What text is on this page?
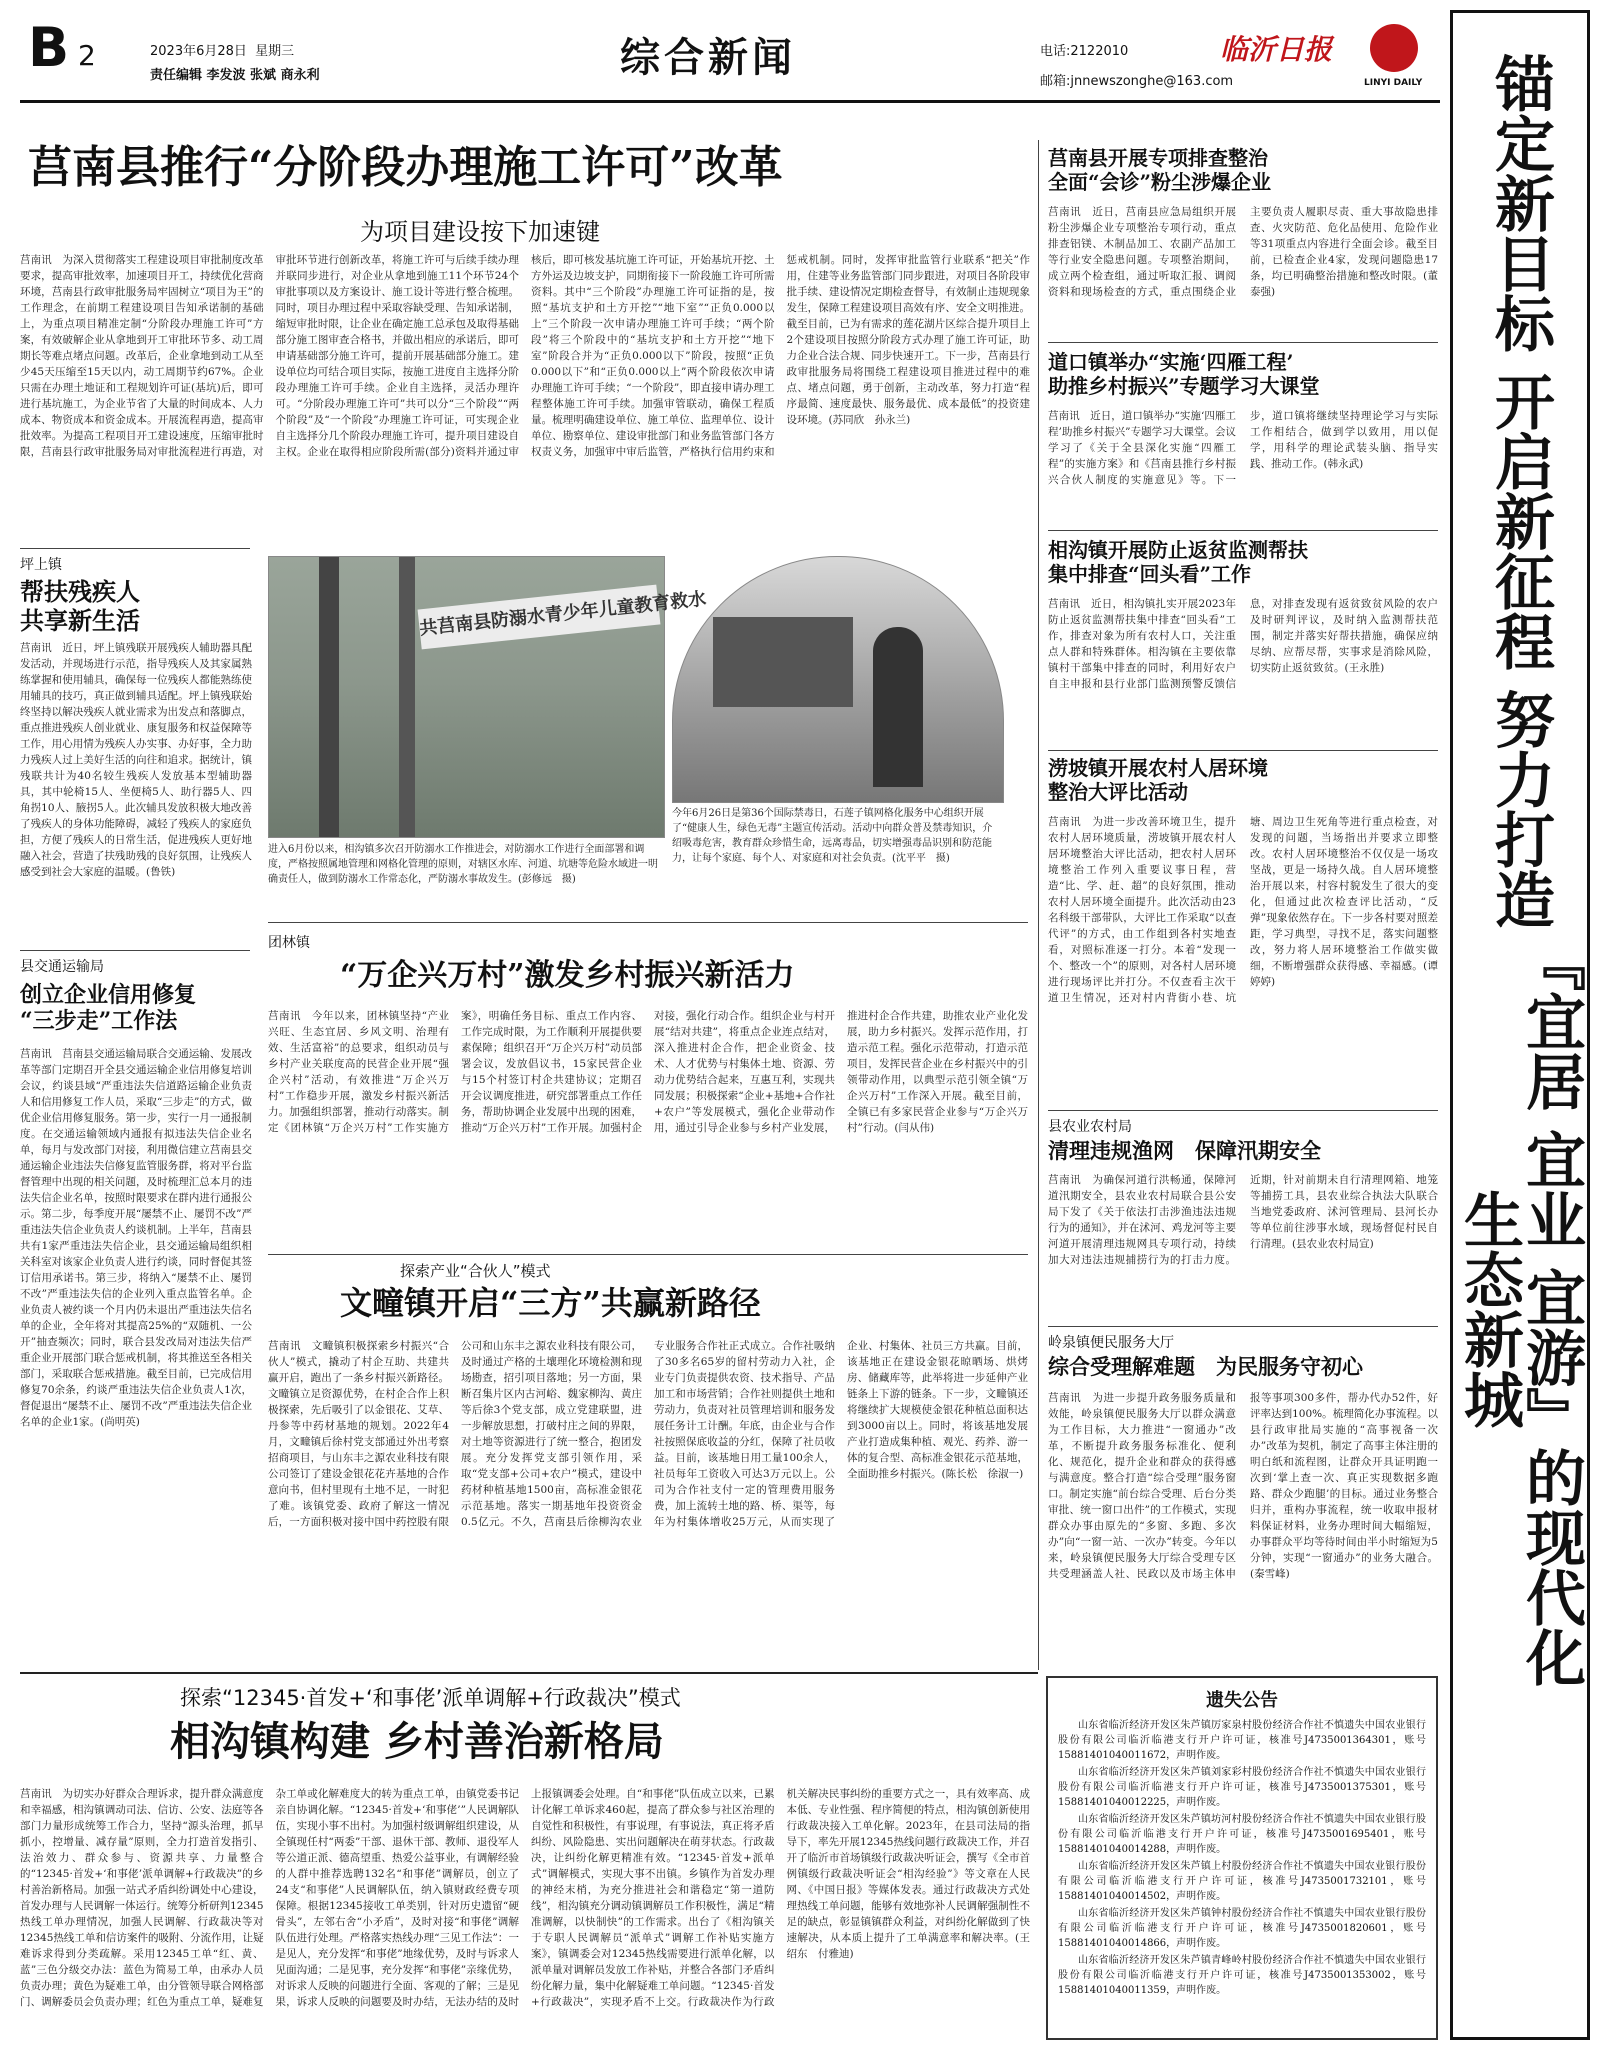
B 2	2023年6月28日 星期三
责任编辑 李发波 张斌 商永利	综合新闻	电话:2122010
邮箱:jnnewszonghe@163.com
临沂日报
LINYI DAILY
莒南县推行“分阶段办理施工许可”改革
为项目建设按下加速键
莒南讯　为深入贯彻落实工程建设项目审批制度改革要求，提高审批效率，加速项目开工，持续优化营商环境，莒南县行政审批服务局牢固树立“项目为王”的工作理念，在前期工程建设项目告知承诺制的基础上，为重点项目精准定制“分阶段办理施工许可”方案，有效破解企业从拿地到开工审批环节多、动工周期长等难点堵点问题。改革后，企业拿地到动工从至少45天压缩至15天以内，动工周期节约67%。企业只需在办理土地证和工程规划许可证(基坑)后，即可进行基坑施工，为企业节省了大量的时间成本、人力成本、物资成本和资金成本。开展流程再造，提高审批效率。为提高工程项目开工建设速度，压缩审批时限，莒南县行政审批服务局对审批流程进行再造，对审批环节进行创新改革，将施工许可与后续手续办理并联同步进行，对企业从拿地到施工11个环节24个审批事项以及方案设计、施工设计等进行整合梳理。同时，项目办理过程中采取容缺受理、告知承诺制，缩短审批时限，让企业在确定施工总承包及取得基础部分施工图审查合格书，并做出相应的承诺后，即可申请基础部分施工许可，提前开展基础部分施工。建设单位均可结合项目实际，按施工进度自主选择分阶段办理施工许可手续。企业自主选择，灵活办理许可。“分阶段办理施工许可”共可以分“三个阶段”“两个阶段”及“一个阶段”办理施工许可证，可实现企业自主选择分几个阶段办理施工许可，提升项目建设自主权。企业在取得相应阶段所需(部分)资料并通过审核后，即可核发基坑施工许可证，开始基坑开挖、土方外运及边坡支护，同期衔接下一阶段施工许可所需资料。其中“三个阶段”办理施工许可证指的是，按照“基坑支护和土方开挖”“地下室”“正负0.000以上”三个阶段一次申请办理施工许可手续；“两个阶段”将三个阶段中的“基坑支护和土方开挖”“地下室”阶段合并为“正负0.000以下”阶段，按照“正负0.000以下”和“正负0.000以上”两个阶段依次申请办理施工许可手续；“一个阶段”，即直接申请办理工程整体施工许可手续。加强审管联动，确保工程质量。梳理明确建设单位、施工单位、监理单位、设计单位、勘察单位、建设审批部门和业务监管部门各方权责义务，加强审中审后监管，严格执行信用约束和惩戒机制。同时，发挥审批监管行业联系“把关”作用，住建等业务监管部门同步跟进，对项目各阶段审批手续、建设情况定期检查督导，有效制止违规现象发生，保障工程建设项目高效有序、安全文明推进。截至目前，已为有需求的莲花湖片区综合提升项目上2个建设项目按照分阶段方式办理了施工许可证，助力企业合法合规、同步快速开工。下一步，莒南县行政审批服务局将围绕工程建设项目推进过程中的难点、堵点问题，勇于创新，主动改革，努力打造“程序最简、速度最快、服务最优、成本最低”的投资建设环境。(苏同欣　孙永兰)
坪上镇
帮扶残疾人
共享新生活
莒南讯　近日，坪上镇残联开展残疾人辅助器具配发活动，并现场进行示范，指导残疾人及其家属熟练掌握和使用辅具，确保每一位残疾人都能熟练使用辅具的技巧，真正做到辅具适配。坪上镇残联始终坚持以解决残疾人就业需求为出发点和落脚点，重点推进残疾人创业就业、康复服务和权益保障等工作，用心用情为残疾人办实事、办好事，全力助力残疾人过上美好生活的向往和追求。据统计，镇残联共计为40名较生残疾人发放基本型辅助器具，其中轮椅15人、坐便椅5人、助行器5人、四角拐10人、腋拐5人。此次辅具发放积极大地改善了残疾人的身体功能障碍，减轻了残疾人的家庭负担，方便了残疾人的日常生活，促进残疾人更好地融入社会，营造了扶残助残的良好氛围，让残疾人感受到社会大家庭的温暖。(鲁铁)
共莒南县防溺水青少年儿童教育救水
进入6月份以来，相沟镇多次召开防溺水工作推进会，对防溺水工作进行全面部署和调度，严格按照属地管理和网格化管理的原则，对辖区水库、河道、坑塘等危险水域进一明确责任人，做到防溺水工作常态化，严防溺水事故发生。(彭修远　摄)
今年6月26日是第36个国际禁毒日，石莲子镇网格化服务中心组织开展了“健康人生，绿色无毒”主题宣传活动。活动中向群众普及禁毒知识，介绍吸毒危害，教育群众珍惜生命，远离毒品，切实增强毒品识别和防范能力，让每个家庭、每个人、对家庭和对社会负责。(沈平平　摄)
团林镇
“万企兴万村”激发乡村振兴新活力
莒南讯　今年以来，团林镇坚持“产业兴旺、生态宜居、乡风文明、治理有效、生活富裕”的总要求，组织动员与乡村产业关联度高的民营企业开展“强企兴村”活动，有效推进“万企兴万村”工作稳步开展，激发乡村振兴新活力。加强组织部署，推动行动落实。制定《团林镇“万企兴万村”工作实施方案》，明确任务目标、重点工作内容、工作完成时限，为工作顺利开展提供要素保障；组织召开“万企兴万村”动员部署会议，发放倡议书，15家民营企业与15个村签订村企共建协议；定期召开会议调度推进，研究部署重点工作任务，帮助协调企业发展中出现的困难，推动“万企兴万村”工作开展。加强村企对接，强化行动合作。组织企业与村开展“结对共建”，将重点企业连点结对，深入推进村企合作，把企业资金、技术、人才优势与村集体土地、资源、劳动力优势结合起来，互惠互利，实现共同发展；积极探索“企业+基地+合作社+农户”等发展模式，强化企业带动作用，通过引导企业参与乡村产业发展，推进村企合作共建，助推农业产业化发展，助力乡村振兴。发挥示范作用，打造示范工程。强化示范带动，打造示范项目，发挥民营企业在乡村振兴中的引领带动作用，以典型示范引领全镇“万企兴万村”工作深入开展。截至目前，全镇已有多家民营企业参与“万企兴万村”行动。(闫从伟)
县交通运输局
创立企业信用修复
“三步走”工作法
莒南讯　莒南县交通运输局联合交通运输、发展改革等部门定期召开全县交通运输企业信用修复培训会议，约谈县域“严重违法失信道路运输企业负责人和信用修复工作人员，采取“三步走”的方式，做优企业信用修复服务。第一步，实行一月一通报制度。在交通运输领域内通报有拟违法失信企业名单，每月与发改部门对接，利用微信建立莒南县交通运输企业违法失信修复监管服务群，将对平台监督管理中出现的相关问题，及时梳理汇总本月的违法失信企业名单，按照时限要求在群内进行通报公示。第二步，每季度开展“屡禁不止、屡罚不改”严重违法失信企业负责人约谈机制。上半年，莒南县共有1家严重违法失信企业，县交通运输局组织相关科室对该家企业负责人进行约谈，同时督促其签订信用承诺书。第三步，将纳入“屡禁不止、屡罚不改”严重违法失信的企业列入重点监管名单。企业负责人被约谈一个月内仍未退出严重违法失信名单的企业，全年将对其提高25%的“双随机、一公开”抽查频次；同时，联合县发改局对违法失信严重企业开展部门联合惩戒机制，将其推送至各相关部门，采取联合惩戒措施。截至目前，已完成信用修复70余条，约谈严重违法失信企业负责人1次，督促退出“屡禁不止、屡罚不改”严重违法失信企业名单的企业1家。(尚明英)
探索产业“合伙人”模式
文疃镇开启“三方”共赢新路径
莒南讯　文疃镇积极探索乡村振兴“合伙人”模式，撬动了村企互助、共建共赢开启，跑出了一条乡村振兴新路径。文疃镇立足资源优势，在村企合作上积极探索，先后吸引了以金银花、艾草、丹参等中药材基地的规划。2022年4月，文疃镇后徐村党支部通过外出考察招商项目，与山东丰之源农业科技有限公司签订了建设金银花花卉基地的合作意向书，但村里现有土地不足，一时犯了难。该镇党委、政府了解这一情况后，一方面积极对接中国中药控股有限公司和山东丰之源农业科技有限公司，及时通过产格的土壤理化环境检测和现场勘查，招引项目落地；另一方面，果断召集片区内古河峪、魏家柳沟、黄庄等后徐3个党支部，成立党建联盟，进一步解放思想，打破村庄之间的界限，对土地等资源进行了统一整合，抱团发展。充分发挥党支部引领作用，采取“党支部+公司+农户”模式，建设中药材种植基地1500亩，高标准金银花示范基地。落实一期基地年投资资金0.5亿元。不久，莒南县后徐柳沟农业专业服务合作社正式成立。合作社吸纳了30多名65岁的留村劳动力入社，企业专门负责提供农资、技术指导、产品加工和市场营销；合作社则提供土地和劳动力，负责对社员管理培训和服务发展任务计工计酬。年底，由企业与合作社按照保底收益的分红，保障了社员收益。目前，该基地日用工量100余人，社员每年工资收入可达3万元以上。公司为合作社支付一定的管理费用服务费，加上流转土地的路、桥、渠等，每年为村集体增收25万元，从而实现了企业、村集体、社员三方共赢。目前，该基地正在建设金银花晾晒场、烘烤房、储藏库等，此举将进一步延伸产业链条上下游的链条。下一步，文疃镇还将继续扩大规模使金银花种植总面积达到3000亩以上。同时，将该基地发展产业打造成集种植、观光、药养、游一体的复合型、高标准金银花示范基地，全面助推乡村振兴。(陈长松　徐淑一)
探索“12345·首发+‘和事佬’派单调解+行政裁决”模式
相沟镇构建 乡村善治新格局
莒南讯　为切实办好群众合理诉求，提升群众满意度和幸福感，相沟镇调动司法、信访、公安、法庭等各部门力量形成统筹工作合力，坚持“源头治理，抓早抓小，控增量、减存量”原则，全力打造首发指引、法治效力、群众参与、资源共享、力量整合的“12345·首发+‘和事佬’派单调解+行政裁决”的乡村善治新格局。加强一站式矛盾纠纷调处中心建设，首发办理与人民调解一体运行。统筹分析研判12345热线工单办理情况，加强人民调解、行政裁决等对12345热线工单和信访案件的吸附、分流作用，让疑难诉求得到分类疏解。采用12345工单“红、黄、蓝”三色分级交办法：蓝色为简易工单，由承办人员负责办理；黄色为疑难工单，由分管领导联合网格部门、调解委员会负责办理；红色为重点工单，疑难复杂工单或化解难度大的转为重点工单，由镇党委书记亲自协调化解。“12345·首发+‘和事佬’”人民调解队伍，实现小事不出村。为加强村级调解组织建设，从全镇现任村“两委”干部、退休干部、教师、退役军人等公道正派、德高望重、热爱公益事业，有调解经验的人群中推荐选聘132名“和事佬”调解员，创立了24支“和事佬”人民调解队伍，纳入镇财政经费专项保障。根据12345接收工单类别，针对历史遗留“硬骨头”，左邻右舍“小矛盾”，及时对接“和事佬”调解队伍进行处理。严格落实热线办理“三见工作法”：一是见人，充分发挥“和事佬”地缘优势，及时与诉求人见面沟通；二是见事，充分发挥“和事佬”亲缘优势，对诉求人反映的问题进行全面、客观的了解；三是见果，诉求人反映的问题要及时办结，无法办结的及时上报镇调委会处理。自“和事佬”队伍成立以来，已累计化解工单诉求460起，提高了群众参与社区治理的自觉性和积极性，有事说理，有事说法，真正将矛盾纠纷、风险隐患、实出问题解决在萌芽状态。行政裁决，让纠纷化解更精准有效。“12345·首发+派单式”调解模式，实现大事不出镇。乡镇作为首发办理的神经末梢，为充分推进社会和谐稳定“第一道防线”，相沟镇充分调动镇调解员工作积极性，满足“精准调解，以快制快”的工作需求。出台了《相沟镇关于专职人民调解员“派单式”调解工作补贴实施方案》，镇调委会对12345热线需要进行派单化解，以派单量对调解员发放工作补贴，并整合各部门矛盾纠纷化解力量，集中化解疑难工单问题。“12345·首发+行政裁决”，实现矛盾不上交。行政裁决作为行政机关解决民事纠纷的重要方式之一，具有效率高、成本低、专业性强、程序简便的特点，相沟镇创新使用行政裁决接入工单化解。2023年，在县司法局的指导下，率先开展12345热线问题行政裁决工作，并召开了临沂市首场镇级行政裁决听证会，撰写《全市首例镇级行政裁决听证会“相沟经验”》等文章在人民网、《中国日报》等媒体发表。通过行政裁决方式处理热线工单问题，能够有效地弥补人民调解强制性不足的缺点，彰显镇镇群众利益，对纠纷化解做到了快速解决，从本质上提升了工单满意率和解决率。(王绍东　付雅迪)
莒南县开展专项排查整治
全面“会诊”粉尘涉爆企业
莒南讯　近日，莒南县应急局组织开展粉尘涉爆企业专项整治专项行动，重点排查铝镁、木制品加工、农副产品加工等行业安全隐患问题。专项整治期间，成立两个检查组，通过听取汇报、调阅资料和现场检查的方式，重点围绕企业主要负责人履职尽责、重大事故隐患排查、火灾防范、危化品使用、危险作业等31项重点内容进行全面会诊。截至目前，已检查企业4家，发现问题隐患17条，均已明确整治措施和整改时限。(董泰强)
道口镇举办“实施‘四雁工程’
助推乡村振兴”专题学习大课堂
莒南讯　近日，道口镇举办“实施‘四雁工程’助推乡村振兴”专题学习大课堂。会议学习了《关于全县深化实施“四雁工程”的实施方案》和《莒南县推行乡村振兴合伙人制度的实施意见》等。下一步，道口镇将继续坚持理论学习与实际工作相结合，做到学以致用，用以促学，用科学的理论武装头脑、指导实践、推动工作。(韩永武)
相沟镇开展防止返贫监测帮扶
集中排查“回头看”工作
莒南讯　近日，相沟镇扎实开展2023年防止返贫监测帮扶集中排查“回头看”工作，排查对象为所有农村人口，关注重点人群和特殊群体。相沟镇在主要依靠镇村干部集中排查的同时，利用好农户自主申报和县行业部门监测预警反馈信息，对排查发现有返贫致贫风险的农户及时研判评议，及时纳入监测帮扶范围，制定并落实好帮扶措施，确保应纳尽纳、应帮尽帮，实事求是消除风险，切实防止返贫致贫。(王永胜)
涝坡镇开展农村人居环境
整治大评比活动
莒南讯　为进一步改善环境卫生，提升农村人居环境质量，涝坡镇开展农村人居环境整治大评比活动，把农村人居环境整治工作列入重要议事日程，营造“比、学、赶、超”的良好氛围，推动农村人居环境全面提升。此次活动由23名科级干部带队，大评比工作采取“以查代评”的方式，由工作组到各村实地查看，对照标准逐一打分。本着“发现一个、整改一个”的原则，对各村人居环境进行现场评比并打分。不仅查看主次干道卫生情况，还对村内背街小巷、坑塘、周边卫生死角等进行重点检查，对发现的问题，当场指出并要求立即整改。农村人居环境整治不仅仅是一场攻坚战，更是一场持久战。自人居环境整治开展以来，村容村貌发生了很大的变化，但通过此次检查评比活动，“反弹”现象依然存在。下一步各村要对照差距，学习典型，寻找不足，落实问题整改，努力将人居环境整治工作做实做细，不断增强群众获得感、幸福感。(谭婷婷)
县农业农村局
清理违规渔网　保障汛期安全
莒南讯　为确保河道行洪畅通，保障河道汛期安全，县农业农村局联合县公安局下发了《关于依法打击涉渔违法违规行为的通知》，并在沭河、鸡龙河等主要河道开展清理违规网具专项行动，持续加大对违法违规捕捞行为的打击力度。近期，针对前期未自行清理网箱、地笼等捕捞工具，县农业综合执法大队联合当地党委政府、沭河管理局、县河长办等单位前往涉事水域，现场督促村民自行清理。(县农业农村局宣)
岭泉镇便民服务大厅
综合受理解难题　为民服务守初心
莒南讯　为进一步提升政务服务质量和效能，岭泉镇便民服务大厅以群众满意为工作目标，大力推进“一窗通办”改革，不断提升政务服务标准化、便利化、规范化，提升企业和群众的获得感与满意度。整合打造“综合受理”服务窗口。制定实施“前台综合受理、后台分类审批、统一窗口出件”的工作模式，实现群众办事由原先的“多窗、多跑、多次办”向“一窗一站、一次办”转变。今年以来，岭泉镇便民服务大厅综合受理专区共受理涵盖人社、民政以及市场主体申报等事项300多件，帮办代办52件，好评率达到100%。梳理简化办事流程。以县行政审批局实施的“高事视备一次办”改革为契机，制定了高事主体注册的明白纸和流程图，让群众开具证明跑一次到‘掌上查一次、真正实现数据多跑路、群众少跑腿’的目标。通过业务整合归并，重构办事流程，统一收取申报材料保证材料，业务办理时间大幅缩短，办事群众平均等待时间由半小时缩短为5分钟，实现“一窗通办”的业务大融合。(秦雪峰)
遗失公告
山东省临沂经济开发区朱芦镇厉家泉村股份经济合作社不慎遗失中国农业银行股份有限公司临沂临港支行开户许可证，核准号J4735001364301，账号15881401040011672，声明作废。
山东省临沂经济开发区朱芦镇刘家彩村股份经济合作社不慎遗失中国农业银行股份有限公司临沂临港支行开户许可证，核准号J4735001375301，账号15881401040012225，声明作废。
山东省临沂经济开发区朱芦镇坊河村股份经济合作社不慎遗失中国农业银行股份有限公司临沂临港支行开户许可证，核准号J4735001695401，账号15881401040014288，声明作废。
山东省临沂经济开发区朱芦镇上村股份经济合作社不慎遗失中国农业银行股份有限公司临沂临港支行开户许可证，核准号J4735001732101，账号15881401040014502，声明作废。
山东省临沂经济开发区朱芦镇钟村股份经济合作社不慎遗失中国农业银行股份有限公司临沂临港支行开户许可证，核准号J4735001820601，账号15881401040014866，声明作废。
山东省临沂经济开发区朱芦镇青峰岭村股份经济合作社不慎遗失中国农业银行股份有限公司临沂临港支行开户许可证，核准号J4735001353002，账号15881401040011359，声明作废。
锚定新目标
开启新征程
努力打造
『宜居宜业宜游』的现代化生态新城
